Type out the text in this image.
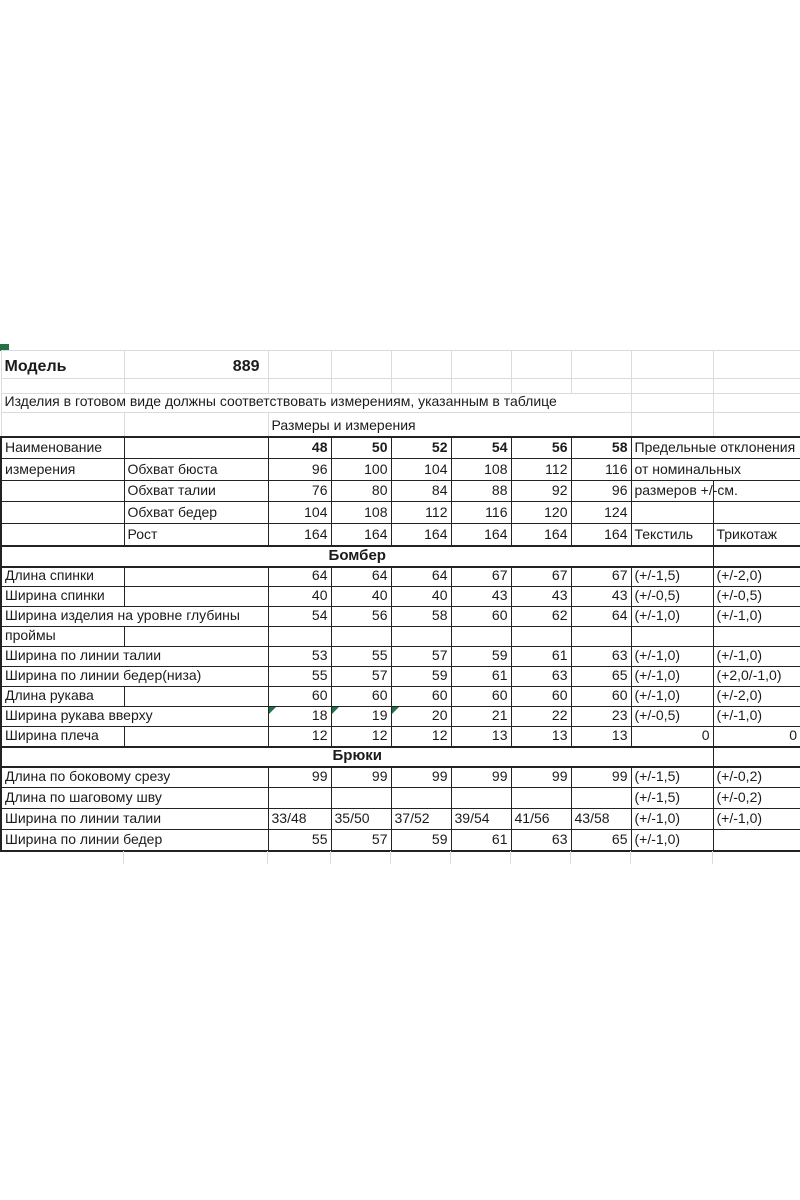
Модель	889								

Изделия в готовом виде должны соответствовать измерениям, указанным в таблице									
		Размеры и измерения							
Наименование		48	50	52	54	56	58	Предельные отклонения	
измерения	Обхват бюста	96	100	104	108	112	116	от номинальных	
	Обхват талии	76	80	84	88	92	96	размеров +/-см.	
	Обхват бедер	104	108	112	116	120	124		
	Рост	164	164	164	164	164	164	Текстиль	Трикотаж
Бомбер									
Длина спинки		64	64	64	67	67	67	(+/-1,5)	(+/-2,0)
Ширина спинки		40	40	40	43	43	43	(+/-0,5)	(+/-0,5)
Ширина изделия на уровне глубины		54	56	58	60	62	64	(+/-1,0)	(+/-1,0)
проймы									
Ширина по линии талии		53	55	57	59	61	63	(+/-1,0)	(+/-1,0)
Ширина по линии бедер(низа)		55	57	59	61	63	65	(+/-1,0)	(+2,0/-1,0)
Длина рукава		60	60	60	60	60	60	(+/-1,0)	(+/-2,0)
Ширина рукава вверху		18	19	20	21	22	23	(+/-0,5)	(+/-1,0)
Ширина плеча		12	12	12	13	13	13	0	0
Брюки									
Длина по боковому срезу		99	99	99	99	99	99	(+/-1,5)	(+/-0,2)
Длина по шаговому шву								(+/-1,5)	(+/-0,2)
Ширина по линии талии		33/48	35/50	37/52	39/54	41/56	43/58	(+/-1,0)	(+/-1,0)
Ширина по линии бедер		55	57	59	61	63	65	(+/-1,0)	
